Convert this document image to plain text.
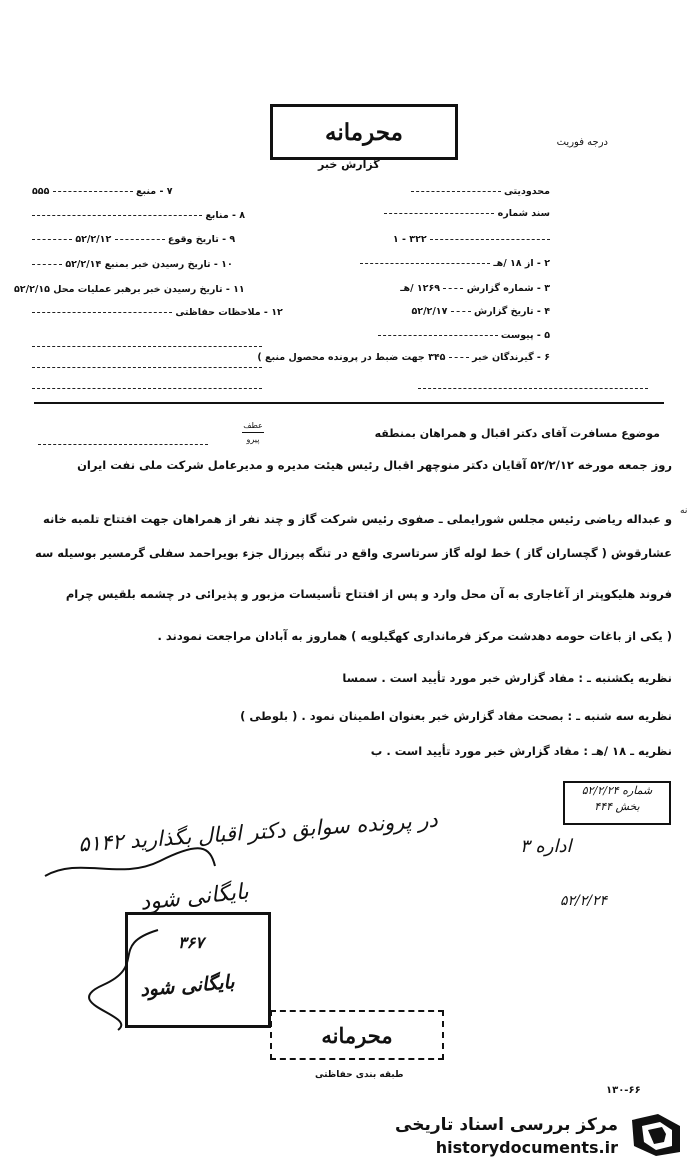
درجه فوریت
محرمانه
گزارش خبر
محدودیتی
سند شماره
۱ - ۳۲۲
۲ - از ۱۸ /هـ
۳ - شماره گزارش  ۱۲۶۹ /هـ
۴ - تاریخ گزارش  ۵۲/۲/۱۷
۵ - پیوست
۶ - گیرندگان خبر  ۳۴۵ جهت ضبط در پرونده محصول منبع )
۷ - منبع  ۵۵۵
۸ - منابع
۹ - تاریخ وقوع  ۵۲/۲/۱۲
۱۰ - تاریخ رسیدن خبر بمنبع ۵۲/۲/۱۴
۱۱ - تاریخ رسیدن خبر برهبر عملیات محل ۵۲/۲/۱۵
۱۲ - ملاحظات حفاظتی
موضوع مسافرت آقای دکتر اقبال و همراهان بمنطقه
عطف
پیرو
روز جمعه مورخه ۵۲/۲/۱۲ آقایان دکتر منوچهر اقبال رئیس هیئت مدیره و مدیرعامل شرکت ملی نفت ایران
و عبداله ریاضی رئیس مجلس شورایملی ـ صفوی رئیس شرکت گاز و چند نفر از همراهان جهت افتتاح تلمبه خانه
عشارقوش ( گچساران گاز ) خط لوله گاز سرتاسری واقع در تنگه پیرزال جزء بویراحمد سفلی گرمسیر بوسیله سه
فروند هلیکوپتر از آغاجاری به آن محل وارد و پس از افتتاح تأسیسات مزبور و پذیرائی در چشمه بلقیس چرام
( یکی از باغات حومه دهدشت مرکز فرمانداری کهگیلویه ) هماروز به آبادان مراجعت نمودند .
نه
نظریه یکشنبه ـ : مفاد گزارش خبر مورد تأیید است . سمسا
نظریه سه شنبه ـ : بصحت مفاد گزارش خبر بعنوان اطمینان نمود . ( بلوطی )
نظریه ـ ۱۸ /هـ : مفاد گزارش خبر مورد تأیید است . ب
شماره ۵۲/۲/۲۴
بخش ۴۴۴
در پرونده سوابق دکتر اقبال بگذارید ۵۱۴۲	اداره ۳
۵۲/۲/۲۴
بایگانی شود
۳۶۷
بایگانی شود
محرمانه
طبقه بندی حفاظتی
۱۳۰-۶۶
مرکز بررسی اسناد تاریخی
historydocuments.ir
